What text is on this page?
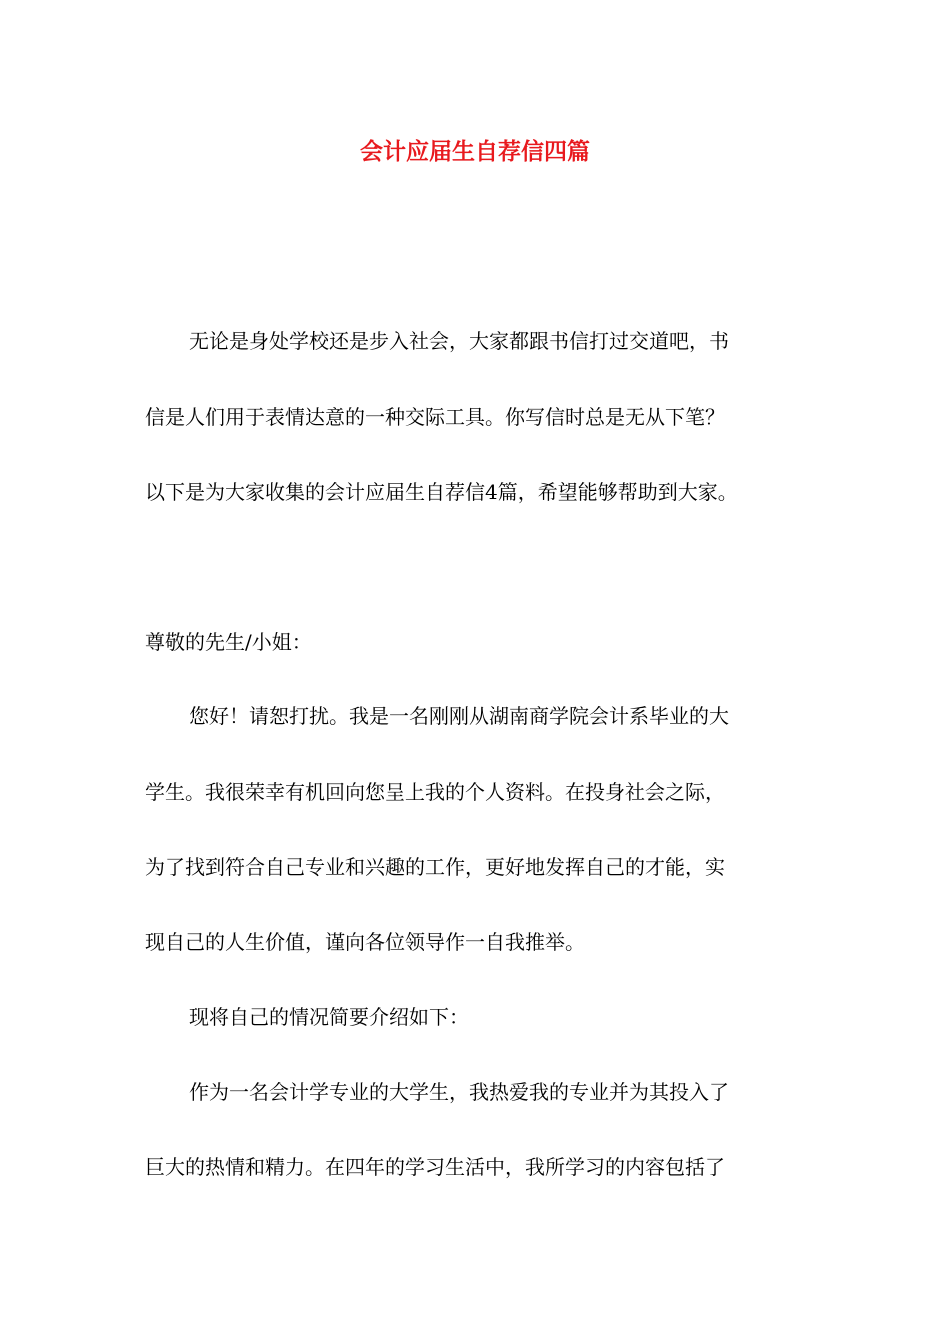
会计应届生自荐信四篇

无论是身处学校还是步入社会，大家都跟书信打过交道吧，书

信是人们用于表情达意的一种交际工具。你写信时总是无从下笔？

以下是为大家收集的会计应届生自荐信4篇，希望能够帮助到大家。

尊敬的先生/小姐：

您好！请恕打扰。我是一名刚刚从湖南商学院会计系毕业的大

学生。我很荣幸有机回向您呈上我的个人资料。在投身社会之际，

为了找到符合自己专业和兴趣的工作，更好地发挥自己的才能，实

现自己的人生价值，谨向各位领导作一自我推举。

现将自己的情况简要介绍如下：

作为一名会计学专业的大学生，我热爱我的专业并为其投入了

巨大的热情和精力。在四年的学习生活中，我所学习的内容包括了
